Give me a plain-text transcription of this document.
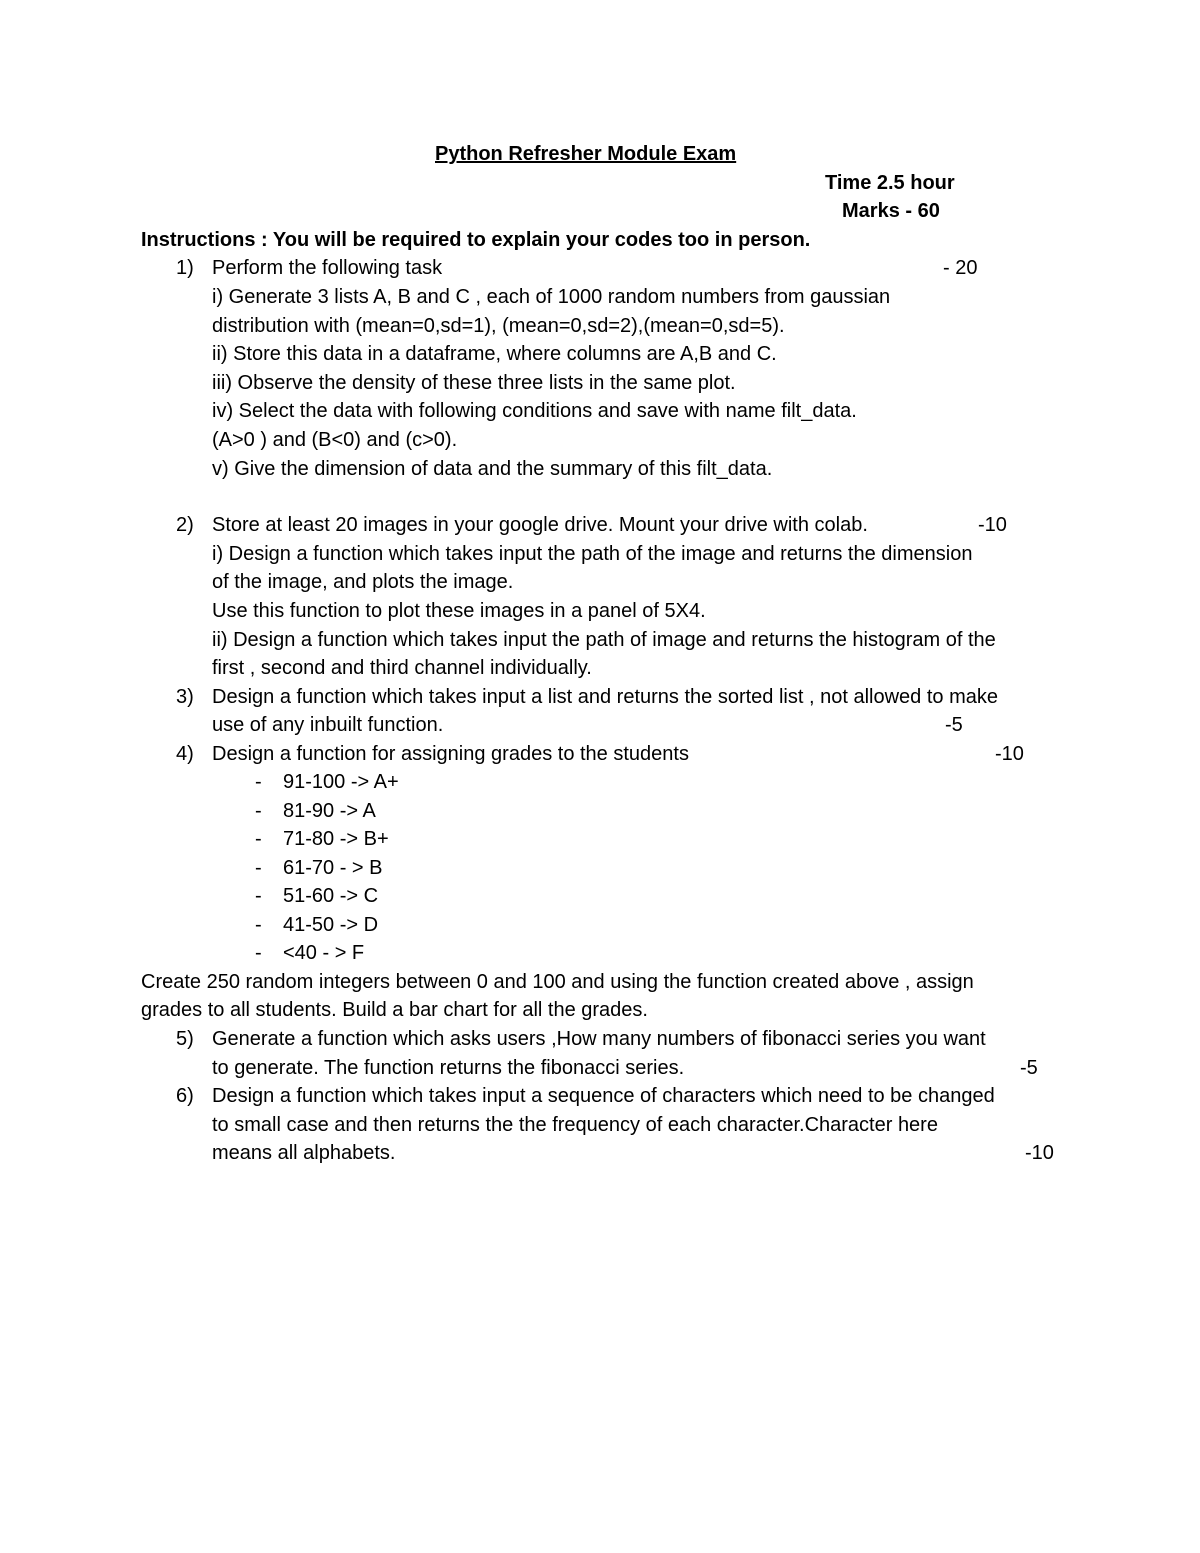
Python Refresher Module Exam
Time 2.5 hour
Marks - 60
Instructions : You will be required to explain your codes too in person.
1) Perform the following task	- 20
i) Generate 3 lists A, B and C , each of 1000 random numbers from gaussian
distribution with (mean=0,sd=1), (mean=0,sd=2),(mean=0,sd=5).
ii) Store this data in a dataframe, where columns are A,B and C.
iii) Observe the density of these three lists in the same plot.
iv) Select the data with following conditions and save with name filt_data.
(A>0 ) and (B<0) and (c>0).
v) Give the dimension of data and the summary of this filt_data.
2) Store at least 20 images in your google drive. Mount your drive with colab.	-10
i) Design a function which takes input the path of the image and returns the dimension
of the image, and plots the image.
Use this function to plot these images in a panel of 5X4.
ii) Design a function which takes input the path of image and returns the histogram of the
first , second and third channel individually.
3) Design a function which takes input a list and returns the sorted list , not allowed to make
use of any inbuilt function.	-5
4) Design a function for assigning grades to the students	-10
- 91-100 -> A+
- 81-90 -> A
- 71-80 -> B+
- 61-70 - > B
- 51-60 -> C
- 41-50 -> D
- <40 - > F
Create 250 random integers between 0 and 100 and using the function created above , assign
grades to all students. Build a bar chart for all the grades.
5) Generate a function which asks users ,How many numbers of fibonacci series you want
to generate. The function returns the fibonacci series.	-5
6) Design a function which takes input a sequence of characters which need to be changed
to small case and then returns the the frequency of each character.Character here
means all alphabets.	-10
